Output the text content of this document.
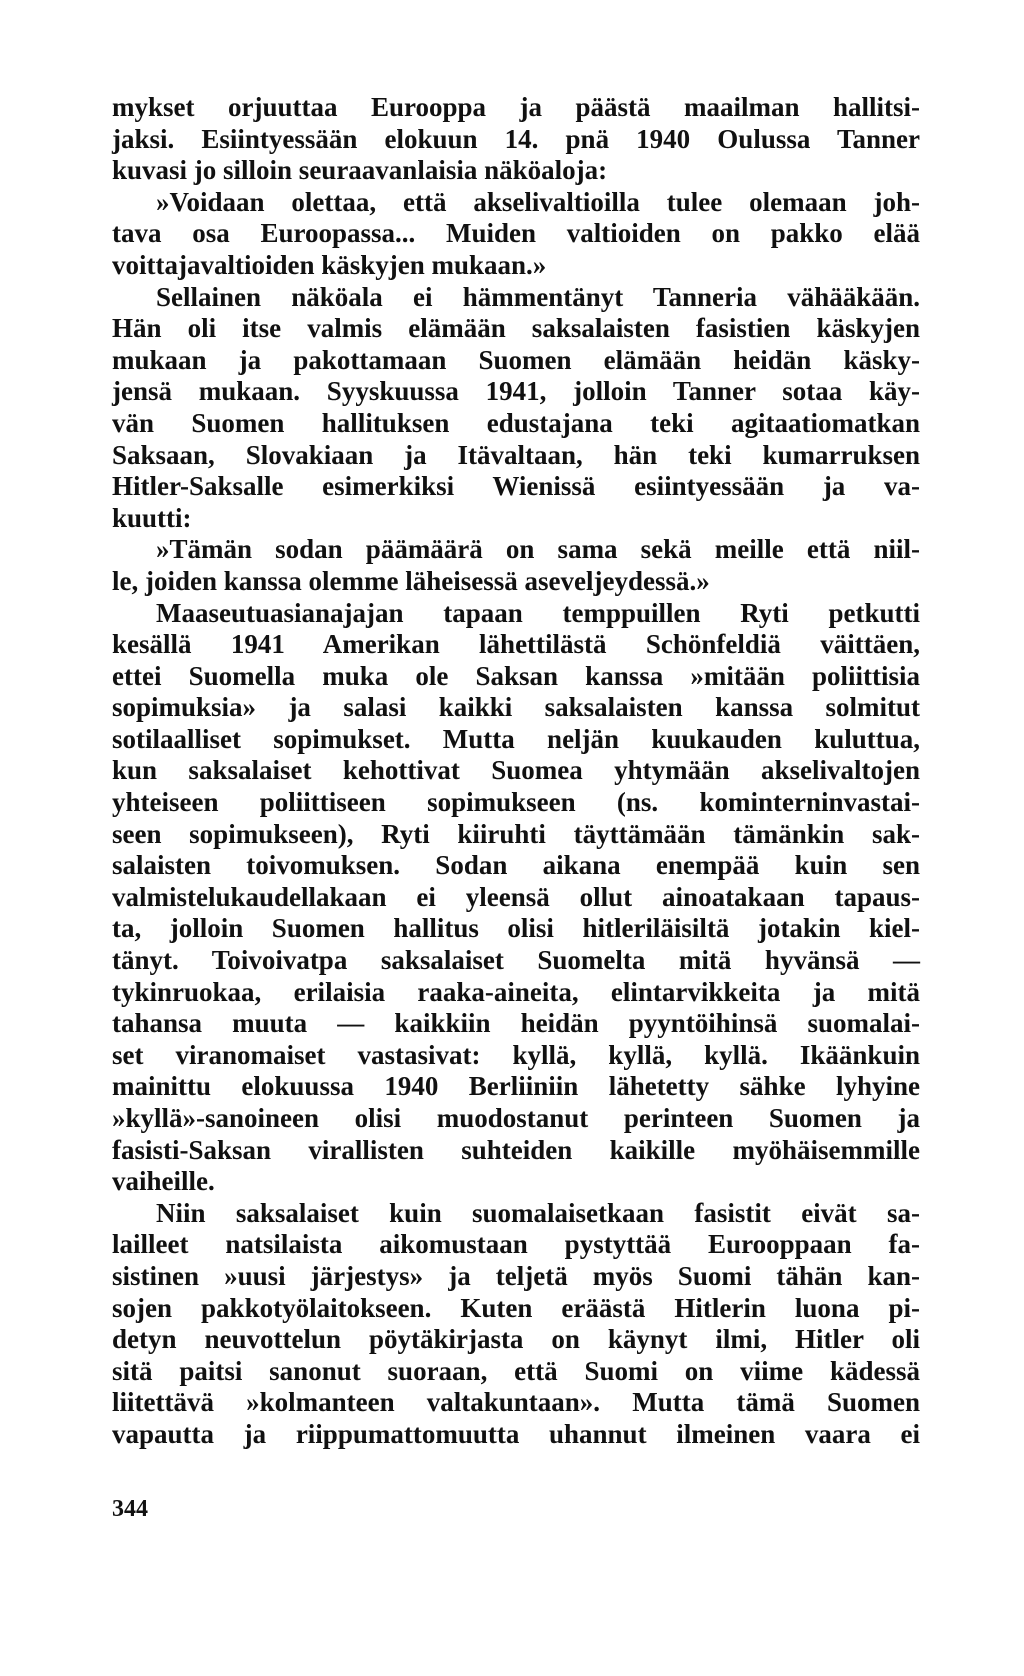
mykset orjuuttaa Eurooppa ja päästä maailman hallitsi-
jaksi. Esiintyessään elokuun 14. pnä 1940 Oulussa Tanner
kuvasi jo silloin seuraavanlaisia näköaloja:
»Voidaan olettaa, että akselivaltioilla tulee olemaan joh-
tava osa Euroopassa... Muiden valtioiden on pakko elää
voittajavaltioiden käskyjen mukaan.»
Sellainen näköala ei hämmentänyt Tanneria vähääkään.
Hän oli itse valmis elämään saksalaisten fasistien käskyjen
mukaan ja pakottamaan Suomen elämään heidän käsky-
jensä mukaan. Syyskuussa 1941, jolloin Tanner sotaa käy-
vän Suomen hallituksen edustajana teki agitaatiomatkan
Saksaan, Slovakiaan ja Itävaltaan, hän teki kumarruksen
Hitler-Saksalle esimerkiksi Wienissä esiintyessään ja va-
kuutti:
»Tämän sodan päämäärä on sama sekä meille että niil-
le, joiden kanssa olemme läheisessä aseveljeydessä.»
Maaseutuasianajajan tapaan temppuillen Ryti petkutti
kesällä 1941 Amerikan lähettilästä Schönfeldiä väittäen,
ettei Suomella muka ole Saksan kanssa »mitään poliittisia
sopimuksia» ja salasi kaikki saksalaisten kanssa solmitut
sotilaalliset sopimukset. Mutta neljän kuukauden kuluttua,
kun saksalaiset kehottivat Suomea yhtymään akselivaltojen
yhteiseen poliittiseen sopimukseen (ns. kominterninvastai-
seen sopimukseen), Ryti kiiruhti täyttämään tämänkin sak-
salaisten toivomuksen. Sodan aikana enempää kuin sen
valmistelukaudellakaan ei yleensä ollut ainoatakaan tapaus-
ta, jolloin Suomen hallitus olisi hitleriläisiltä jotakin kiel-
tänyt. Toivoivatpa saksalaiset Suomelta mitä hyvänsä —
tykinruokaa, erilaisia raaka-aineita, elintarvikkeita ja mitä
tahansa muuta — kaikkiin heidän pyyntöihinsä suomalai-
set viranomaiset vastasivat: kyllä, kyllä, kyllä. Ikäänkuin
mainittu elokuussa 1940 Berliiniin lähetetty sähke lyhyine
»kyllä»-sanoineen olisi muodostanut perinteen Suomen ja
fasisti-Saksan virallisten suhteiden kaikille myöhäisemmille
vaiheille.
Niin saksalaiset kuin suomalaisetkaan fasistit eivät sa-
lailleet natsilaista aikomustaan pystyttää Eurooppaan fa-
sistinen »uusi järjestys» ja teljetä myös Suomi tähän kan-
sojen pakkotyölaitokseen. Kuten eräästä Hitlerin luona pi-
detyn neuvottelun pöytäkirjasta on käynyt ilmi, Hitler oli
sitä paitsi sanonut suoraan, että Suomi on viime kädessä
liitettävä »kolmanteen valtakuntaan». Mutta tämä Suomen
vapautta ja riippumattomuutta uhannut ilmeinen vaara ei
344
